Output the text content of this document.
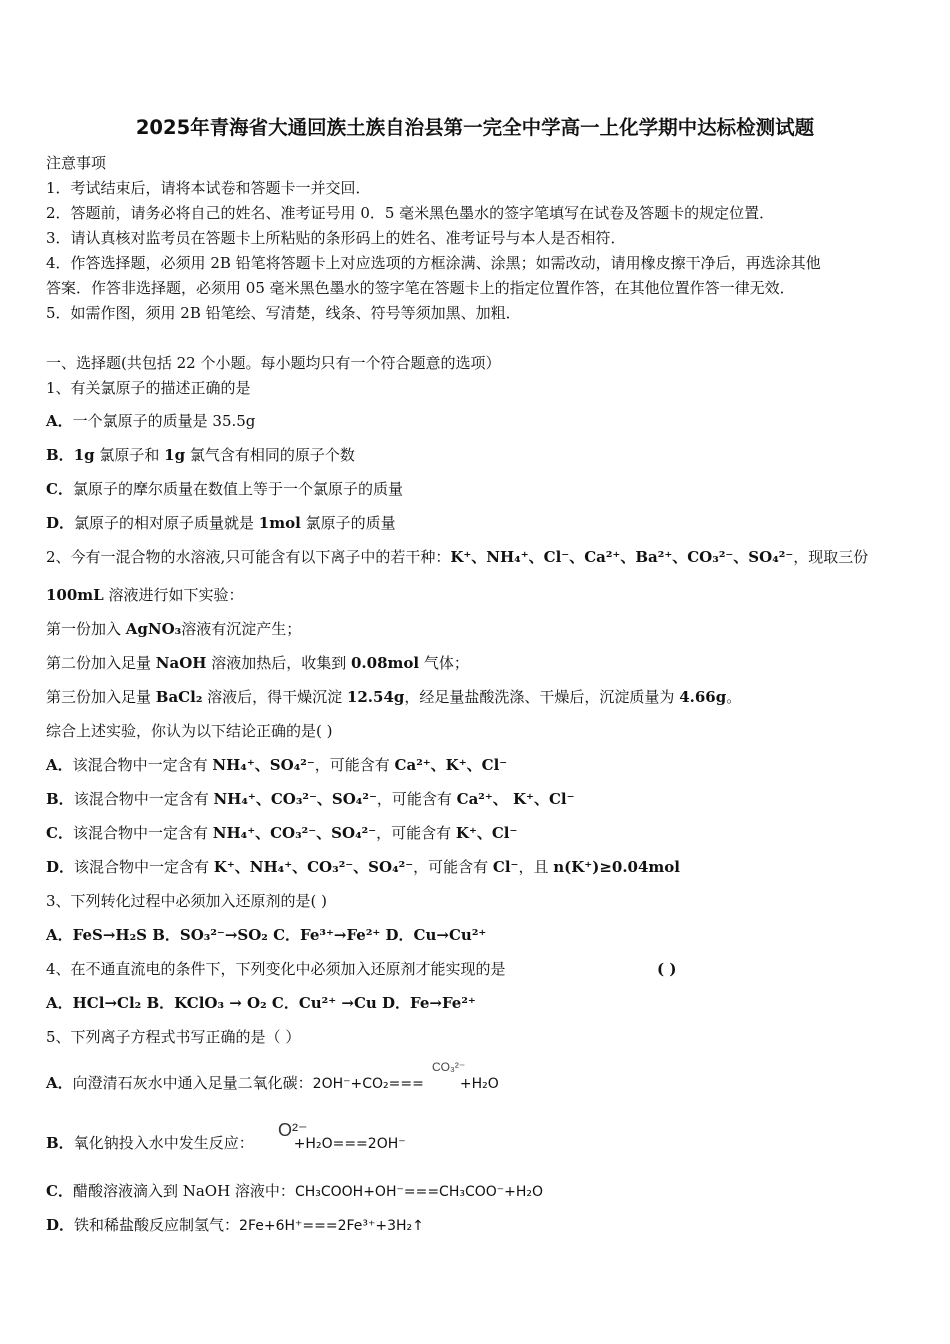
2025年青海省大通回族土族自治县第一完全中学高一上化学期中达标检测试题
注意事项
1．考试结束后，请将本试卷和答题卡一并交回．
2．答题前，请务必将自己的姓名、准考证号用 0．5 毫米黑色墨水的签字笔填写在试卷及答题卡的规定位置．
3．请认真核对监考员在答题卡上所粘贴的条形码上的姓名、准考证号与本人是否相符．
4．作答选择题，必须用 2B 铅笔将答题卡上对应选项的方框涂满、涂黑；如需改动，请用橡皮擦干净后，再选涂其他
答案．作答非选择题，必须用 05 毫米黑色墨水的签字笔在答题卡上的指定位置作答，在其他位置作答一律无效．
5．如需作图，须用 2B 铅笔绘、写清楚，线条、符号等须加黑、加粗．
一、选择题(共包括 22 个小题。每小题均只有一个符合题意的选项）
1、有关氯原子的描述正确的是
A．一个氯原子的质量是 35.5g
B．1g 氯原子和 1g 氯气含有相同的原子个数
C．氯原子的摩尔质量在数值上等于一个氯原子的质量
D．氯原子的相对原子质量就是 1mol 氯原子的质量
2、今有一混合物的水溶液,只可能含有以下离子中的若干种：K⁺、NH₄⁺、Cl⁻、Ca²⁺、Ba²⁺、CO₃²⁻、SO₄²⁻，现取三份
100mL 溶液进行如下实验：
第一份加入 AgNO₃溶液有沉淀产生；
第二份加入足量 NaOH 溶液加热后，收集到 0.08mol 气体；
第三份加入足量 BaCl₂ 溶液后，得干燥沉淀 12.54g，经足量盐酸洗涤、干燥后，沉淀质量为 4.66g。
综合上述实验，你认为以下结论正确的是( )
A．该混合物中一定含有 NH₄⁺、SO₄²⁻，可能含有 Ca²⁺、K⁺、Cl⁻
B．该混合物中一定含有 NH₄⁺、CO₃²⁻、SO₄²⁻，可能含有 Ca²⁺、 K⁺、Cl⁻
C．该混合物中一定含有 NH₄⁺、CO₃²⁻、SO₄²⁻，可能含有 K⁺、Cl⁻
D．该混合物中一定含有 K⁺、NH₄⁺、CO₃²⁻、SO₄²⁻，可能含有 Cl⁻，且 n(K⁺)≥0.04mol
3、下列转化过程中必须加入还原剂的是( )
A．FeS→H₂S B．SO₃²⁻→SO₂ C．Fe³⁺→Fe²⁺ D．Cu→Cu²⁺
4、在不通直流电的条件下，下列变化中必须加入还原剂才能实现的是	( )
A．HCl→Cl₂ B．KClO₃ → O₂ C．Cu²⁺ →Cu D．Fe→Fe²⁺
5、下列离子方程式书写正确的是（ ）
CO₃²⁻
A．向澄清石灰水中通入足量二氧化碳：2OH⁻+CO₂===	+H₂O
O²⁻
B．氧化钠投入水中发生反应：	+H₂O===2OH⁻
C．醋酸溶液滴入到 NaOH 溶液中：CH₃COOH+OH⁻===CH₃COO⁻+H₂O
D．铁和稀盐酸反应制氢气：2Fe+6H⁺===2Fe³⁺+3H₂↑
